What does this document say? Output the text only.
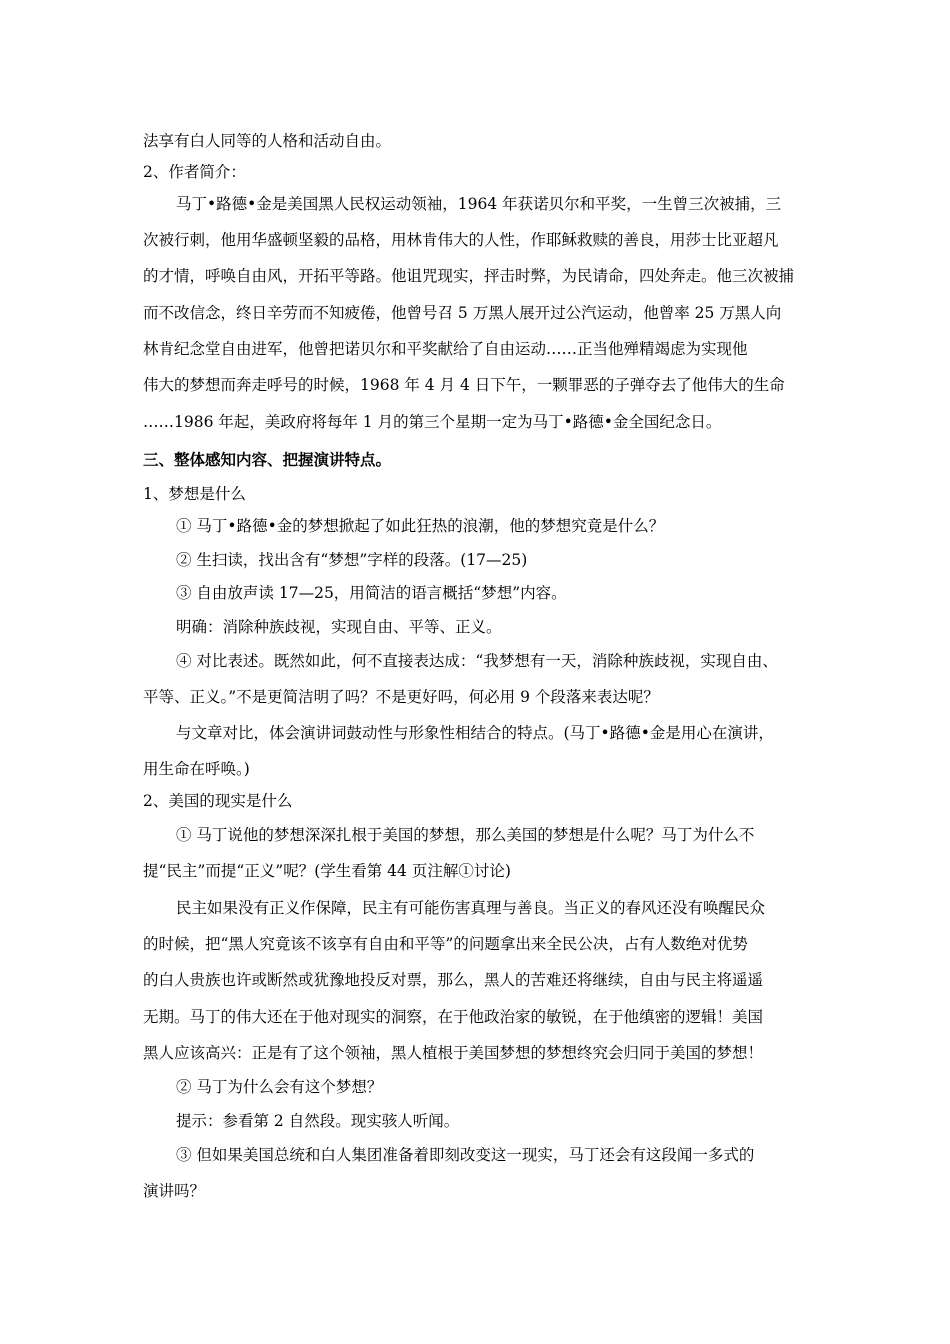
法享有白人同等的人格和活动自由。
2、作者简介：
马丁•路德•金是美国黑人民权运动领袖，1964 年获诺贝尔和平奖，一生曾三次被捕，三
次被行刺，他用华盛顿坚毅的品格，用林肯伟大的人性，作耶稣救赎的善良，用莎士比亚超凡
的才情，呼唤自由风，开拓平等路。他诅咒现实，抨击时弊，为民请命，四处奔走。他三次被捕
而不改信念，终日辛劳而不知疲倦，他曾号召 5 万黑人展开过公汽运动，他曾率 25 万黑人向
林肯纪念堂自由进军，他曾把诺贝尔和平奖献给了自由运动……正当他殚精竭虑为实现他
伟大的梦想而奔走呼号的时候，1968 年 4 月 4 日下午，一颗罪恶的子弹夺去了他伟大的生命
……1986 年起，美政府将每年 1 月的第三个星期一定为马丁•路德•金全国纪念日。
三、整体感知内容、把握演讲特点。
1、梦想是什么
① 马丁•路德•金的梦想掀起了如此狂热的浪潮，他的梦想究竟是什么？
② 生扫读，找出含有“梦想”字样的段落。(17—25)
③ 自由放声读 17—25，用简洁的语言概括“梦想”内容。
明确：消除种族歧视，实现自由、平等、正义。
④ 对比表述。既然如此，何不直接表达成：“我梦想有一天，消除种族歧视，实现自由、
平等、正义。”不是更简洁明了吗？不是更好吗，何必用 9 个段落来表达呢？
与文章对比，体会演讲词鼓动性与形象性相结合的特点。(马丁•路德•金是用心在演讲，
用生命在呼唤。)
2、美国的现实是什么
① 马丁说他的梦想深深扎根于美国的梦想，那么美国的梦想是什么呢？马丁为什么不
提“民主”而提“正义”呢？(学生看第 44 页注解①讨论)
民主如果没有正义作保障，民主有可能伤害真理与善良。当正义的春风还没有唤醒民众
的时候，把“黑人究竟该不该享有自由和平等”的问题拿出来全民公决，占有人数绝对优势
的白人贵族也许或断然或犹豫地投反对票，那么，黑人的苦难还将继续，自由与民主将遥遥
无期。马丁的伟大还在于他对现实的洞察，在于他政治家的敏锐，在于他缜密的逻辑！美国
黑人应该高兴：正是有了这个领袖，黑人植根于美国梦想的梦想终究会归同于美国的梦想！
② 马丁为什么会有这个梦想？
提示：参看第 2 自然段。现实骇人听闻。
③ 但如果美国总统和白人集团准备着即刻改变这一现实，马丁还会有这段闻一多式的
演讲吗？
